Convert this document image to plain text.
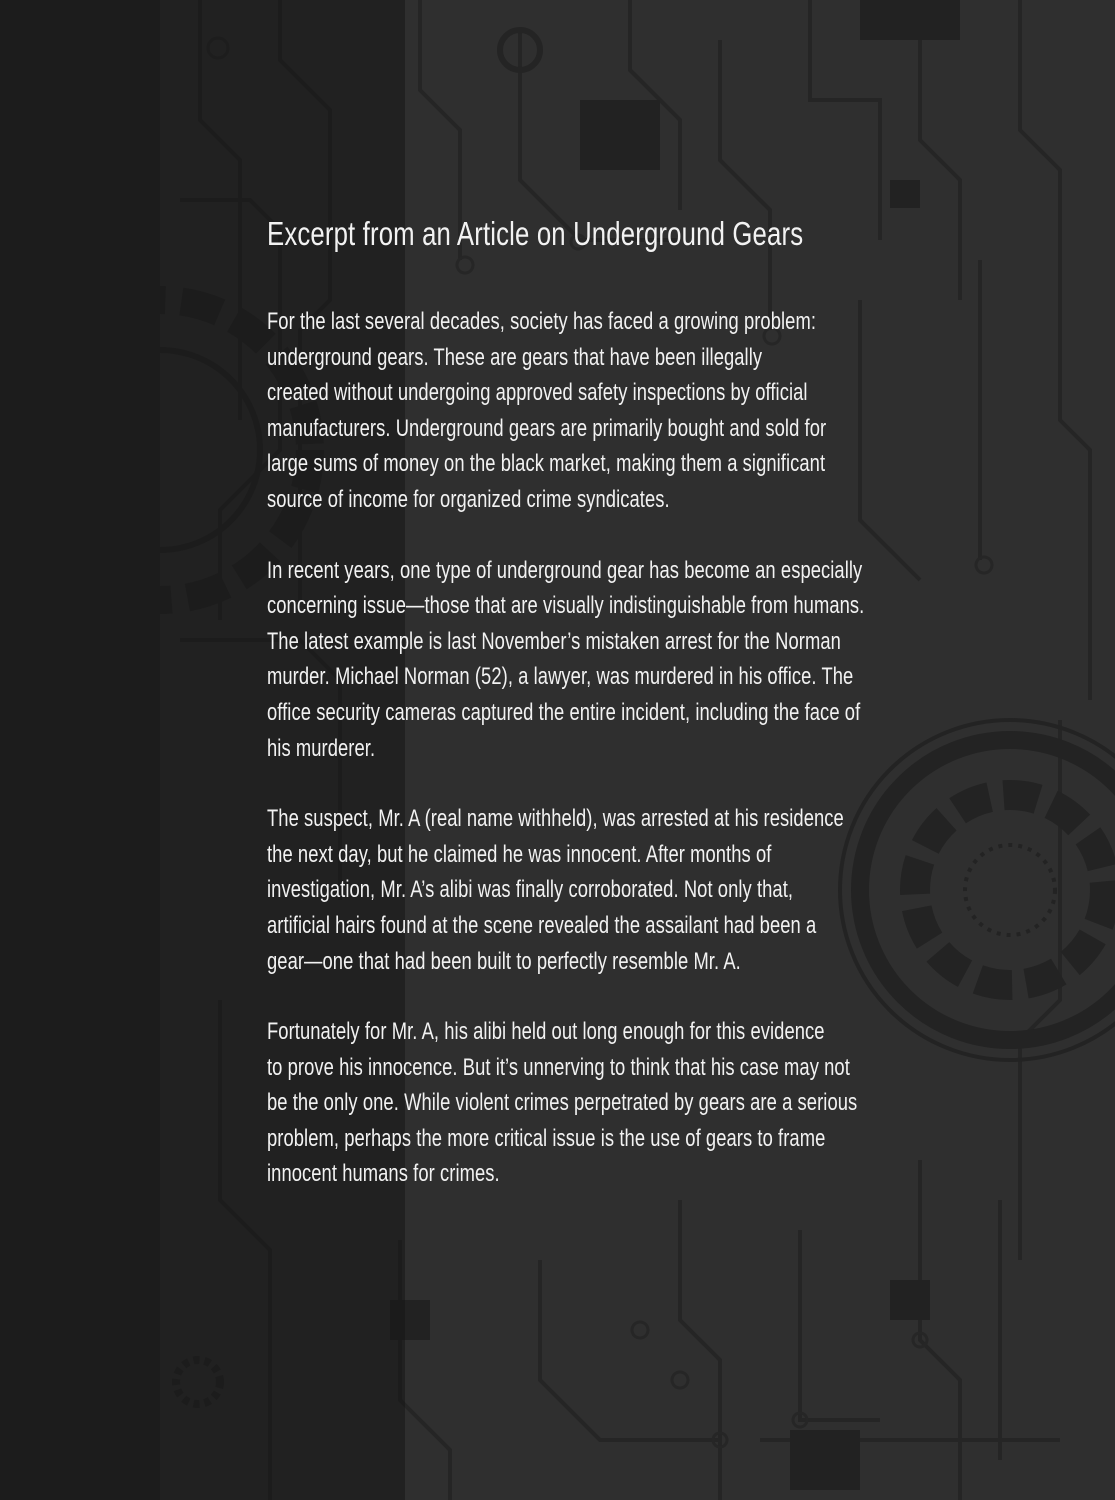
Excerpt from an Article on Underground Gears

For the last several decades, society has faced a growing problem:
underground gears. These are gears that have been illegally
created without undergoing approved safety inspections by official
manufacturers. Underground gears are primarily bought and sold for
large sums of money on the black market, making them a significant
source of income for organized crime syndicates.

In recent years, one type of underground gear has become an especially
concerning issue—those that are visually indistinguishable from humans.
The latest example is last November’s mistaken arrest for the Norman
murder. Michael Norman (52), a lawyer, was murdered in his office. The
office security cameras captured the entire incident, including the face of
his murderer.

The suspect, Mr. A (real name withheld), was arrested at his residence
the next day, but he claimed he was innocent. After months of
investigation, Mr. A’s alibi was finally corroborated. Not only that,
artificial hairs found at the scene revealed the assailant had been a
gear—one that had been built to perfectly resemble Mr. A.

Fortunately for Mr. A, his alibi held out long enough for this evidence
to prove his innocence. But it’s unnerving to think that his case may not
be the only one. While violent crimes perpetrated by gears are a serious
problem, perhaps the more critical issue is the use of gears to frame
innocent humans for crimes.
